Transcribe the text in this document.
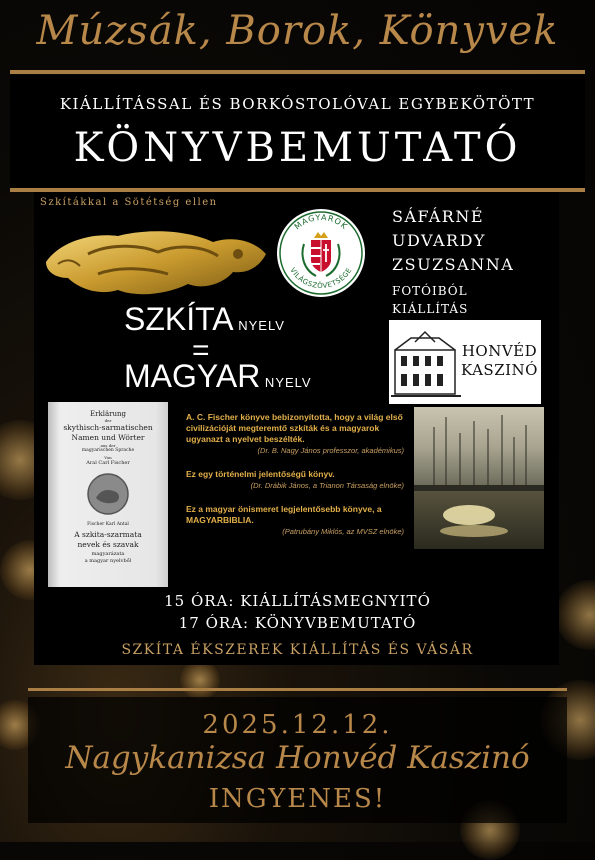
Múzsák, Borok, Könyvek
KIÁLLÍTÁSSAL ÉS BORKÓSTOLÓVAL EGYBEKÖTÖTT
KÖNYVBEMUTATÓ
Szkítákkal a Sötétség ellen
MAGYAROK
VILÁGSZÖVETSÉGE
SÁFÁRNÉ
UDVARDY
ZSUZSANNA
FOTÓIBÓL
KIÁLLÍTÁS
SZKÍTA NYELV
=
MAGYAR NYELV
HONVÉD
KASZINÓ
Erklärung
der
skythisch-sarmatischen
Namen und Wörter
aus der
magyarischen Sprache
Von
Aral Carl Fischer
Fischer Karl Antal
A szkita-szarmata
nevek és szavak
magyarázata
a magyar nyelvből
A. C. Fischer könyve bebizonyította, hogy a világ első civilizációját megteremtő szkíták és a magyarok ugyanazt a nyelvet beszélték.
(Dr. B. Nagy János professzor, akadémikus)
Ez egy történelmi jelentőségű könyv.
(Dr. Drábik János, a Trianon Társaság elnöke)
Ez a magyar önismeret legjelentősebb könyve, a MAGYARBIBLIA.
(Patrubány Miklós, az MVSZ elnöke)
15 ÓRA: KIÁLLÍTÁSMEGNYITÓ
17 ÓRA: KÖNYVBEMUTATÓ
SZKÍTA ÉKSZEREK KIÁLLÍTÁS ÉS VÁSÁR
2025.12.12.
Nagykanizsa Honvéd Kaszinó
INGYENES!
